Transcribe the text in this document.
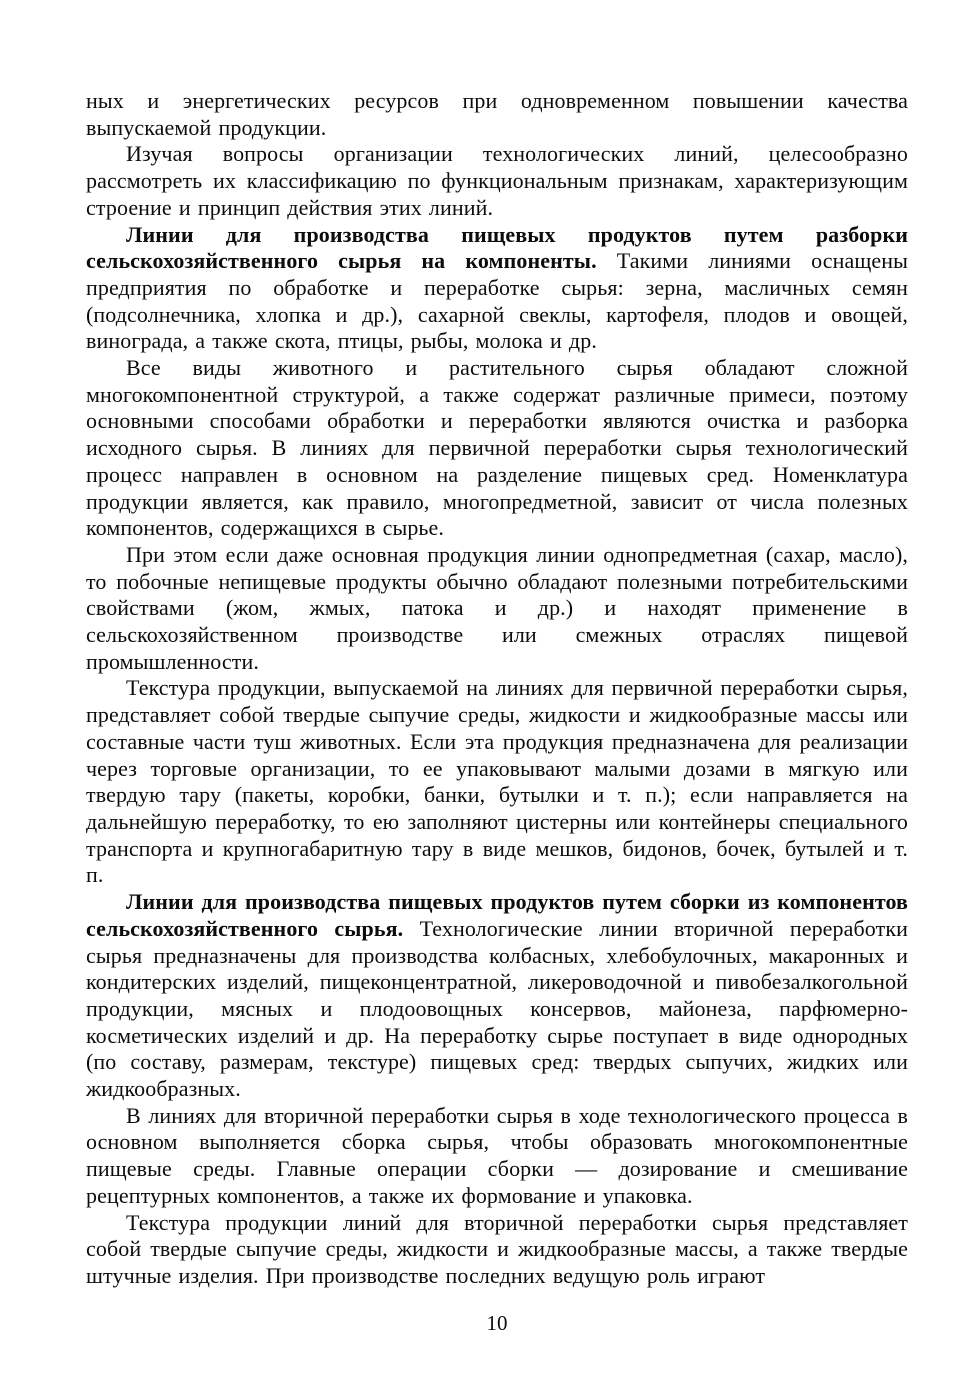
ных и энергетических ресурсов при одновременном повышении качества выпускаемой продукции.

Изучая вопросы организации технологических линий, целесообразно рассмотреть их классификацию по функциональным признакам, характеризующим строение и принцип действия этих линий.

Линии для производства пищевых продуктов путем разборки сельскохозяйственного сырья на компоненты. Такими линиями оснащены предприятия по обработке и переработке сырья: зерна, масличных семян (подсолнечника, хлопка и др.), сахарной свеклы, картофеля, плодов и овощей, винограда, а также скота, птицы, рыбы, молока и др.

Все виды животного и растительного сырья обладают сложной многокомпонентной структурой, а также содержат различные примеси, поэтому основными способами обработки и переработки являются очистка и разборка исходного сырья. В линиях для первичной переработки сырья технологический процесс направлен в основном на разделение пищевых сред. Номенклатура продукции является, как правило, многопредметной, зависит от числа полезных компонентов, содержащихся в сырье.

При этом если даже основная продукция линии однопредметная (сахар, масло), то побочные непищевые продукты обычно обладают полезными потребительскими свойствами (жом, жмых, патока и др.) и находят применение в сельскохозяйственном производстве или смежных отраслях пищевой промышленности.

Текстура продукции, выпускаемой на линиях для первичной переработки сырья, представляет собой твердые сыпучие среды, жидкости и жидкообразные массы или составные части туш животных. Если эта продукция предназначена для реализации через торговые организации, то ее упаковывают малыми дозами в мягкую или твердую тару (пакеты, коробки, банки, бутылки и т. п.); если направляется на дальнейшую переработку, то ею заполняют цистерны или контейнеры специального транспорта и крупногабаритную тару в виде мешков, бидонов, бочек, бутылей и т. п.

Линии для производства пищевых продуктов путем сборки из компонентов сельскохозяйственного сырья. Технологические линии вторичной переработки сырья предназначены для производства колбасных, хлебобулочных, макаронных и кондитерских изделий, пищеконцентратной, ликероводочной и пивобезалкогольной продукции, мясных и плодоовощных консервов, майонеза, парфюмерно-косметических изделий и др. На переработку сырье поступает в виде однородных (по составу, размерам, текстуре) пищевых сред: твердых сыпучих, жидких или жидкообразных.

В линиях для вторичной переработки сырья в ходе технологического процесса в основном выполняется сборка сырья, чтобы образовать многокомпонентные пищевые среды. Главные операции сборки — дозирование и смешивание рецептурных компонентов, а также их формование и упаковка.

Текстура продукции линий для вторичной переработки сырья представляет собой твердые сыпучие среды, жидкости и жидкообразные массы, а также твердые штучные изделия. При производстве последних ведущую роль играют

10
